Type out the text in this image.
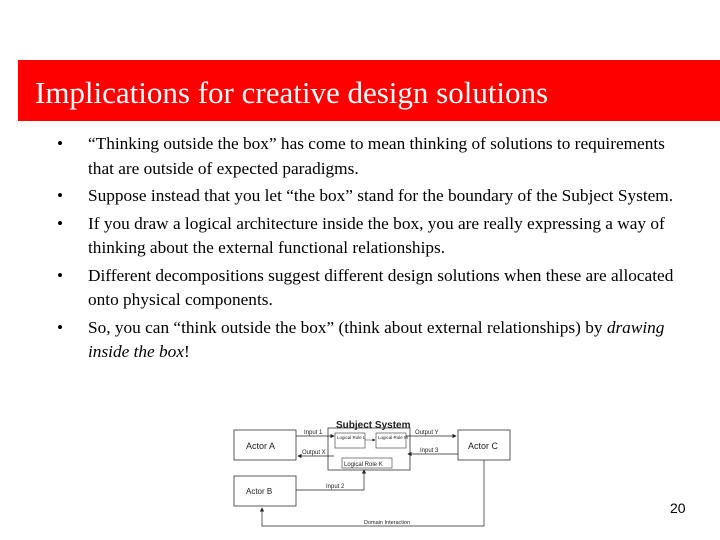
Implications for creative design solutions
• “Thinking outside the box” has come to mean thinking of solutions to requirements that are outside of expected paradigms.
• Suppose instead that you let “the box” stand for the boundary of the Subject System.
• If you draw a logical architecture inside the box, you are really expressing a way of thinking about the external functional relationships.
• Different decompositions suggest different design solutions when these are allocated onto physical components.
• So, you can “think outside the box” (think about external relationships) by drawing inside the box!
Actor A
Actor B
Subject System
Logical Role L	Logical Role M
Logical Role K
Actor C
Input 1
Output X
Output Y
Input 3
Input 2
Domain Interaction
20
